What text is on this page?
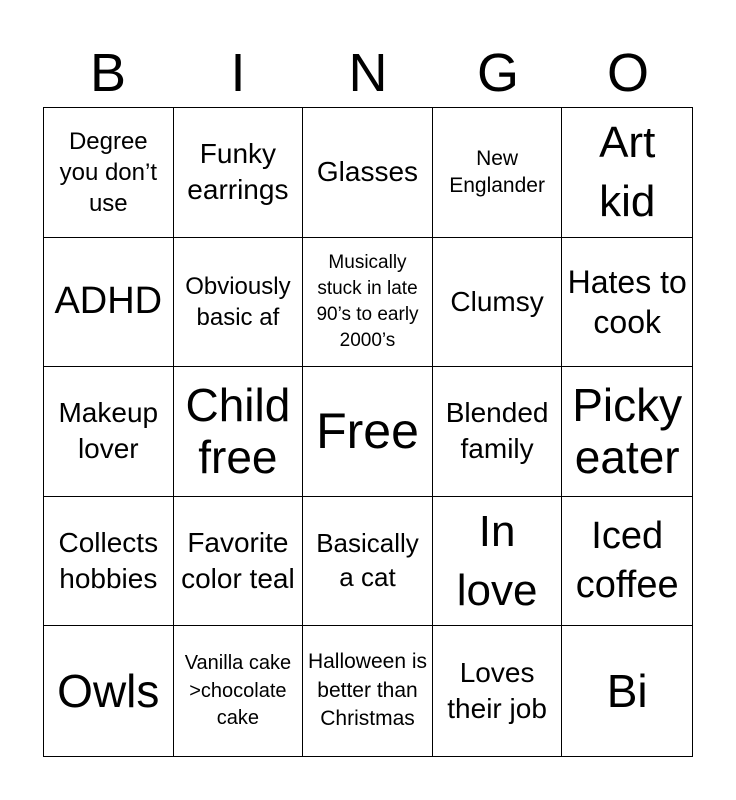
B	I	N	G	O
Degree you don’t use
Funky earrings
Glasses	New Englander
Art kid
ADHD Obviously basic af
Musically stuck in late 90’s to early 2000’s
Clumsy
Hates to cook
Makeup lover
Child free Free Blended family
Picky eater
Collects hobbies
Favorite color teal
Basically a cat
In love
Iced coffee
Owls
Vanilla cake >chocolate cake
Halloween is better than Christmas
Loves their job Bi
